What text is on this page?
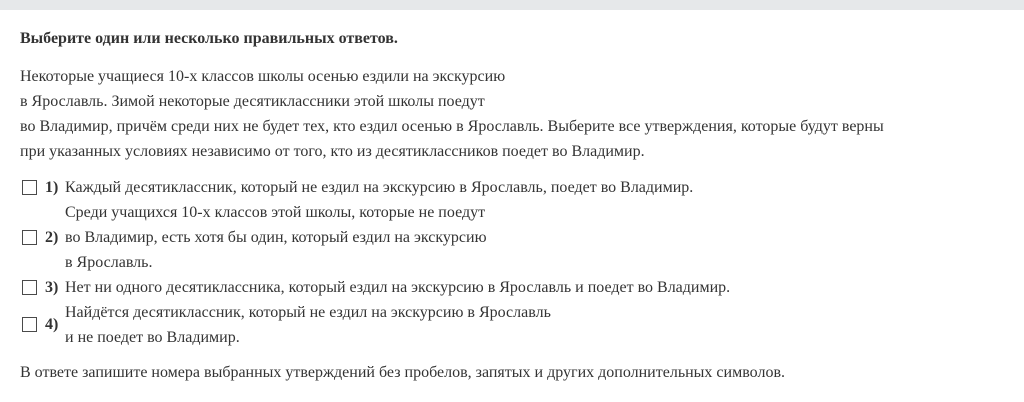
Выберите один или несколько правильных ответов.
Некоторые учащиеся 10-х классов школы осенью ездили на экскурсию
в Ярославль. Зимой некоторые десятиклассники этой школы поедут
во Владимир, причём среди них не будет тех, кто ездил осенью в Ярославль. Выберите все утверждения, которые будут верны
при указанных условиях независимо от того, кто из десятиклассников поедет во Владимир.
1) Каждый десятиклассник, который не ездил на экскурсию в Ярославль, поедет во Владимир.
2)
Среди учащихся 10-х классов этой школы, которые не поедут
во Владимир, есть хотя бы один, который ездил на экскурсию
в Ярославль.
3) Нет ни одного десятиклассника, который ездил на экскурсию в Ярославль и поедет во Владимир.
4)
Найдётся десятиклассник, который не ездил на экскурсию в Ярославль
и не поедет во Владимир.
В ответе запишите номера выбранных утверждений без пробелов, запятых и других дополнительных символов.
